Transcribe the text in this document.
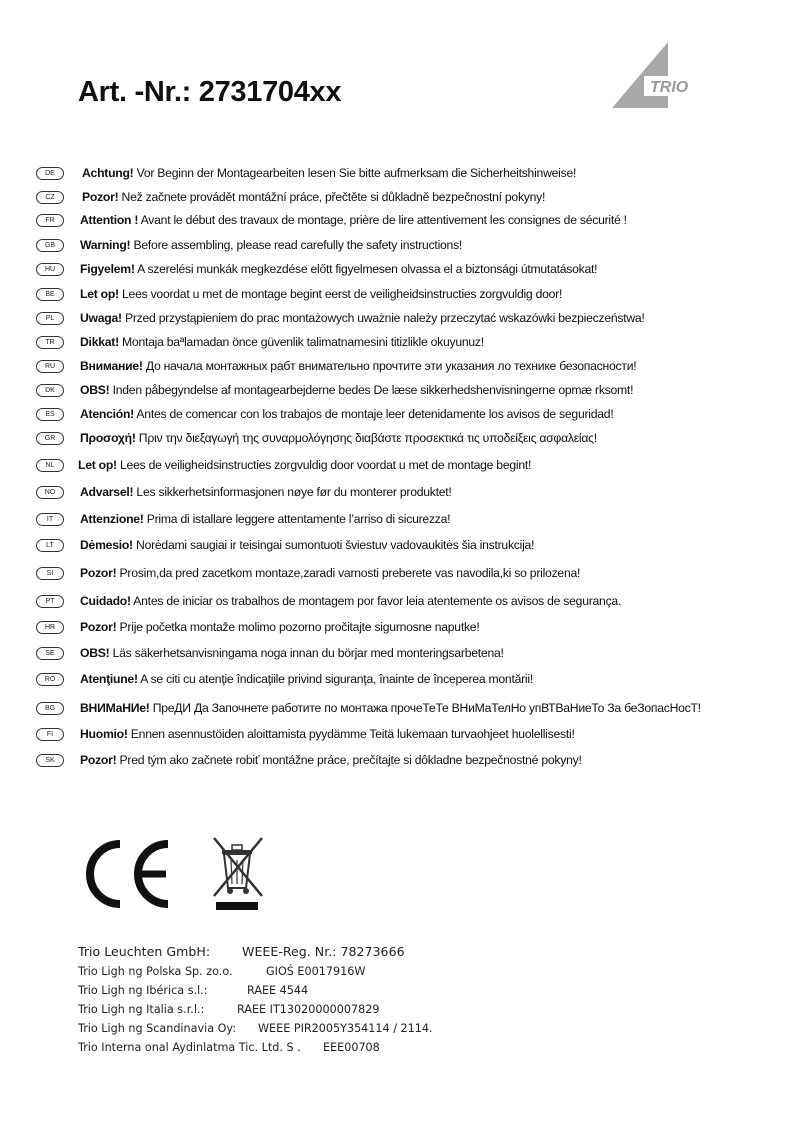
Art. -Nr.: 2731704xx	TRIO
DE	Achtung! Vor Beginn der Montagearbeiten lesen Sie bitte aufmerksam die Sicherheitshinweise!
CZ	Pozor! Než začnete provádět montážní práce, přečtěte si důkladně bezpečnostní pokyny!
FR	Attention ! Avant le début des travaux de montage, prière de lire attentivement les consignes de sécurité !
GB	Warning! Before assembling, please read carefully the safety instructions!
HU	Figyelem! A szerelési munkák megkezdése előtt figyelmesen olvassa el a biztonsági útmutatásokat!
BE	Let op! Lees voordat u met de montage begint eerst de veiligheidsinstructies zorgvuldig door!
PL	Uwaga! Przed przystąpieniem do prac montażowych uważnie należy przeczytać wskazówki bezpieczeństwa!
TR	Dikkat! Montaja baªlamadan önce güvenlik talimatnamesini titizlikle okuyunuz!
RU	Внимание! До начала монтажных рабт внимательно прочтите эти указания ло технике безопасности!
DK	OBS! Inden påbegyndelse af montagearbejderne bedes De læse sikkerhedshenvisningerne opmæ rksomt!
ES	Atención! Antes de comencar con los trabajos de montaje leer detenidamente los avisos de seguridad!
GR	Προσοχή! Πριν την διεξαγωγή της συναρμολόγησης διαβάστε προσεκτικά τις υποδείξεις ασφαλείας!
NL	Let op! Lees de veiligheidsinstructies zorgvuldig door voordat u met de montage begint!
NO	Advarsel! Les sikkerhetsinformasjonen nøye før du monterer produktet!
IT	Attenzione! Prima di istallare leggere attentamente l’arriso di sicurezza!
LT	Dėmesio! Norėdami saugiai ir teisingai sumontuoti šviestuv vadovaukitės šia instrukcija!
SI	Pozor! Prosim,da pred zacetkom montaze,zaradi varnosti preberete vas navodila,ki so prilozena!
PT	Cuidado! Antes de iniciar os trabalhos de montagem por favor leia atentemente os avisos de segurança.
HR	Pozor! Prije početka montaže molimo pozorno pročitajte sigurnosne naputke!
SE	OBS! Läs säkerhetsanvisningama noga innan du börjar med monteringsarbetena!
RO	Atenţiune! A se citi cu atenţie îndicaţiile privind siguranţa, înainte de începerea montării!
BG	ВНИМаНИе! ПреДИ Да Започнете работите по монтажа прочеТеТе ВНиМаТелНо упВТВаНиеТо За беЗопасНосТ!
FI	Huomio! Ennen asennustöiden aloittamista pyydämme Teitä lukemaan turvaohjeet huolellisesti!
SK	Pozor! Pred tým ako začnete robiť montážne práce, prečítajte si dôkladne bezpečnostné pokyny!
Trio Leuchten GmbH:	WEEE-Reg. Nr.: 78273666
Trio Ligh ng Polska Sp. zo.o.	GIOŚ E0017916W
Trio Ligh ng Ibérica s.l.:	RAEE 4544
Trio Ligh ng Italia s.r.l.:	RAEE IT13020000007829
Trio Ligh ng Scandinavia Oy: WEEE PIR2005Y354114 / 2114.
Trio Interna onal Aydinlatma Tic. Ltd. S . EEE00708
